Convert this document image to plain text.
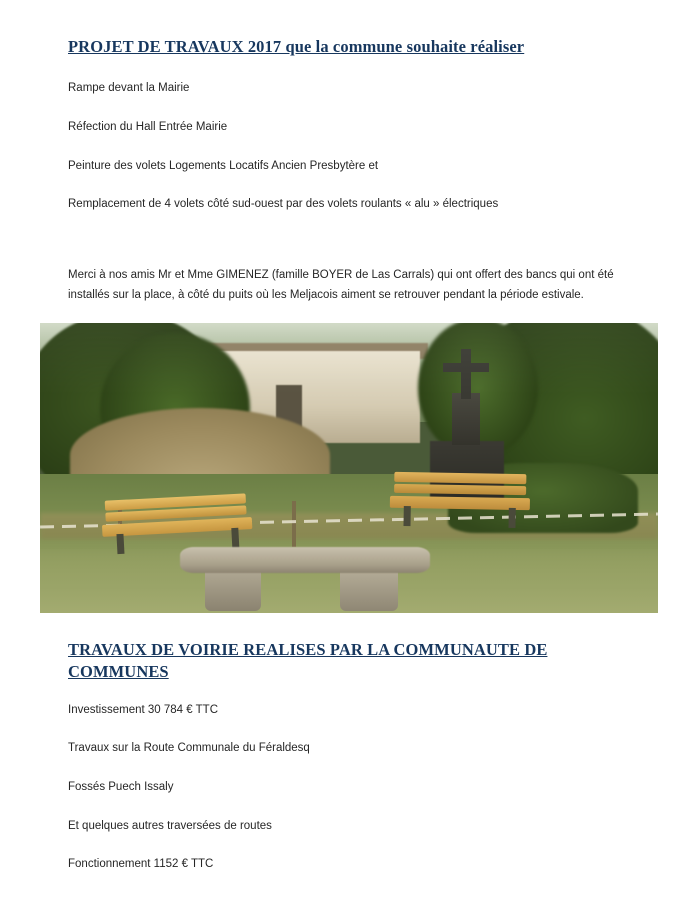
PROJET DE TRAVAUX 2017 que la commune souhaite réaliser

Rampe devant la Mairie

Réfection du Hall Entrée Mairie

Peinture des volets Logements Locatifs Ancien Presbytère et

Remplacement de 4 volets côté sud-ouest par des volets roulants « alu » électriques

Merci à nos amis Mr et Mme GIMENEZ (famille BOYER de Las Carrals) qui ont offert des bancs qui ont été installés sur la place, à côté du puits où les Meljacois aiment se retrouver pendant la période estivale.

TRAVAUX DE VOIRIE REALISES PAR LA COMMUNAUTE DE COMMUNES

Investissement 30 784 € TTC

Travaux sur la Route Communale du Féraldesq

Fossés Puech Issaly

Et quelques autres traversées de routes

Fonctionnement 1152 € TTC
